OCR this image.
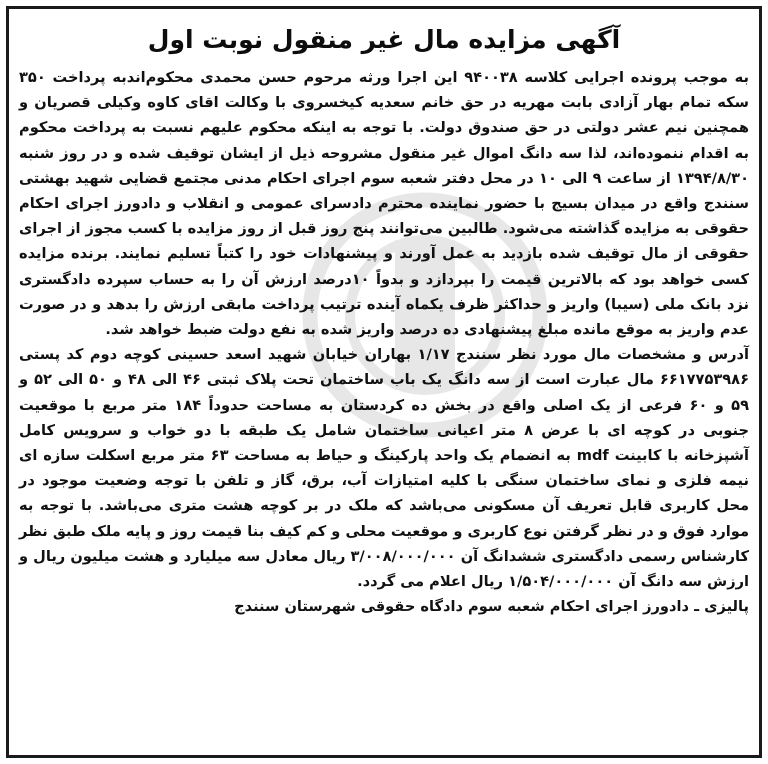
آگهی مزایده مال غیر منقول نوبت اول

به موجب پرونده اجرایی کلاسه ۹۴۰۰۳۸ این اجرا ورثه مرحوم حسن محمدی محکوم‌اندبه پرداخت ۳۵۰ سکه تمام بهار آزادی بابت مهریه در حق خانم سعدیه کیخسروی با وکالت اقای کاوه وکیلی قصریان و همچنین نیم عشر دولتی در حق صندوق دولت. با توجه به اینکه محکوم علیهم نسبت به پرداخت محکوم به اقدام ننموده‌اند، لذا سه دانگ اموال غیر منقول مشروحه ذیل از ایشان توقیف شده و در روز شنبه ۱۳۹۴/۸/۳۰ از ساعت ۹ الی ۱۰ در محل دفتر شعبه سوم اجرای احکام مدنی مجتمع قضایی شهید بهشتی سنندج واقع در میدان بسیج با حضور نماینده محترم دادسرای عمومی و انقلاب و دادورز اجرای احکام حقوقی به مزایده گذاشته می‌شود. طالبین می‌توانند پنج روز قبل از روز مزایده با کسب مجوز از اجرای حقوقی از مال توقیف شده بازدید به عمل آورند و پیشنهادات خود را کتباً تسلیم نمایند. برنده مزایده کسی خواهد بود که بالاترین قیمت را بپردازد و بدواً ۱۰درصد ارزش آن را به حساب سپرده دادگستری نزد بانک ملی (سیبا) واریز و حداکثر ظرف یکماه آینده ترتیب پرداخت مابقی ارزش را بدهد و در صورت عدم واریز به موقع مانده مبلغ پیشنهادی ده درصد واریز شده به نفع دولت ضبط خواهد شد.

آدرس و مشخصات مال مورد نظر سنندج ۱/۱۷ بهاران خیابان شهید اسعد حسینی کوچه دوم کد پستی ۶۶۱۷۷۵۳۹۸۶ مال عبارت است از سه دانگ یک باب ساختمان تحت پلاک ثبتی ۴۶ الی ۴۸ و ۵۰ الی ۵۲ و ۵۹ و ۶۰ فرعی از یک اصلی واقع در بخش ده کردستان به مساحت حدوداً ۱۸۴ متر مربع با موقعیت جنوبی در کوچه ای با عرض ۸ متر اعیانی ساختمان شامل یک طبقه با دو خواب و سرویس کامل آشپزخانه با کابینت mdf به انضمام یک واحد پارکینگ و حیاط به مساحت ۶۳ متر مربع اسکلت سازه ای نیمه فلزی و نمای ساختمان سنگی با کلیه امتیازات آب، برق، گاز و تلفن با توجه وضعیت موجود در محل کاربری قابل تعریف آن مسکونی می‌باشد که ملک در بر کوچه هشت متری می‌باشد. با توجه به موارد فوق و در نظر گرفتن نوع کاربری و موقعیت محلی و کم کیف بنا قیمت روز و پایه ملک طبق نظر کارشناس رسمی دادگستری ششدانگ آن ۳/۰۰۸/۰۰۰/۰۰۰ ریال معادل سه میلیارد و هشت میلیون ریال و ارزش سه دانگ آن ۱/۵۰۴/۰۰۰/۰۰۰ ریال اعلام می گردد.

پالیزی ـ دادورز اجرای احکام شعبه سوم دادگاه حقوقی شهرستان سنندج
